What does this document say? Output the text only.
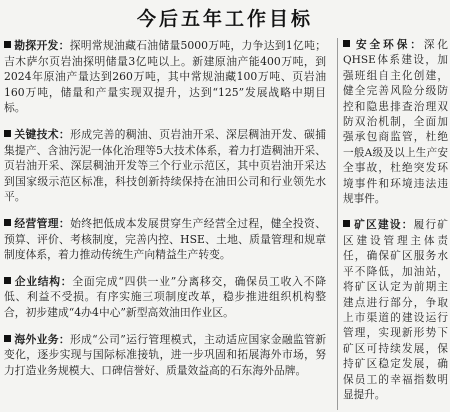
今后五年工作目标

勘探开发：探明常规油藏石油储量5000万吨，力争达到1亿吨；吉木萨尔页岩油探明储量3亿吨以上。新建原油产能400万吨，到2024年原油产量达到260万吨，其中常规油藏100万吨、页岩油160万吨，储量和产量实现双提升，达到“125”发展战略中期目标。

关键技术：形成完善的稠油、页岩油开采、深层稠油开发、碳捕集提产、含油污泥一体化治理等5大技术体系，着力打造稠油开采、页岩油开采、深层稠油开发等三个行业示范区，其中页岩油开采达到国家级示范区标准，科技创新持续保持在油田公司和行业领先水平。

经营管理：始终把低成本发展贯穿生产经营全过程，健全投资、预算、评价、考核制度，完善内控、HSE、土地、质量管理和规章制度体系，着力推动传统生产向精益生产转变。

企业结构：全面完成“四供一业”分离移交，确保员工收入不降低、利益不受损。有序实施三项制度改革，稳步推进组织机构整合，初步建成“4办4中心”新型高效油田作业区。

海外业务：形成“公司”运行管理模式，主动适应国家金融监管新变化，逐步实现与国际标准接轨，进一步巩固和拓展海外市场，努力打造业务规模大、口碑信誉好、质量效益高的石东海外品牌。

安全环保：深化QHSE体系建设，加强班组自主化创建，健全完善风险分级防控和隐患排查治理双防双治机制，全面加强承包商监管，杜绝一般A级及以上生产安全事故，杜绝突发环境事件和环境违法违规事件。

矿区建设：履行矿区建设管理主体责任，确保矿区服务水平不降低，加油站，将矿区认定为前期主建点进行部分，争取上市渠道的建设运行管理，实现新形势下矿区可持续发展，保持矿区稳定发展，确保员工的幸福指数明显提升。
